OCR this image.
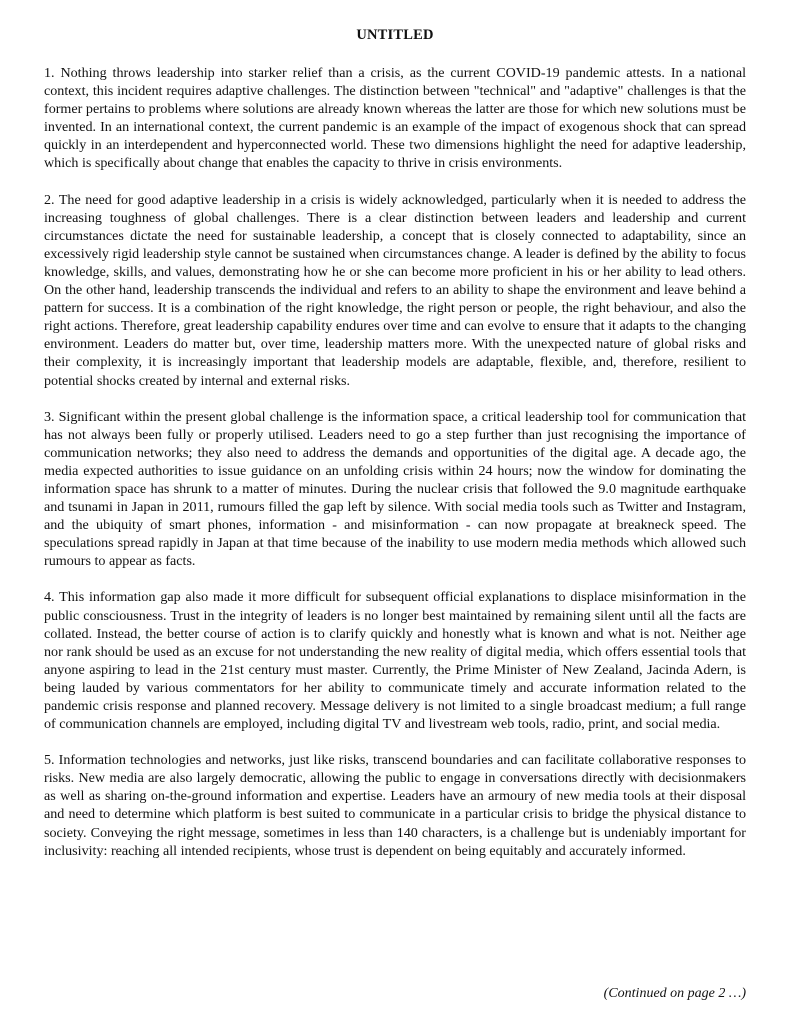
UNTITLED

1. Nothing throws leadership into starker relief than a crisis, as the current COVID-19 pandemic attests. In a national context, this incident requires adaptive challenges. The distinction between "technical" and "adaptive" challenges is that the former pertains to problems where solutions are already known whereas the latter are those for which new solutions must be invented. In an international context, the current pandemic is an example of the impact of exogenous shock that can spread quickly in an interdependent and hyperconnected world. These two dimensions highlight the need for adaptive leadership, which is specifically about change that enables the capacity to thrive in crisis environments.

2. The need for good adaptive leadership in a crisis is widely acknowledged, particularly when it is needed to address the increasing toughness of global challenges. There is a clear distinction between leaders and leadership and current circumstances dictate the need for sustainable leadership, a concept that is closely connected to adaptability, since an excessively rigid leadership style cannot be sustained when circumstances change. A leader is defined by the ability to focus knowledge, skills, and values, demonstrating how he or she can become more proficient in his or her ability to lead others. On the other hand, leadership transcends the individual and refers to an ability to shape the environment and leave behind a pattern for success. It is a combination of the right knowledge, the right person or people, the right behaviour, and also the right actions. Therefore, great leadership capability endures over time and can evolve to ensure that it adapts to the changing environment. Leaders do matter but, over time, leadership matters more. With the unexpected nature of global risks and their complexity, it is increasingly important that leadership models are adaptable, flexible, and, therefore, resilient to potential shocks created by internal and external risks.

3. Significant within the present global challenge is the information space, a critical leadership tool for communication that has not always been fully or properly utilised. Leaders need to go a step further than just recognising the importance of communication networks; they also need to address the demands and opportunities of the digital age. A decade ago, the media expected authorities to issue guidance on an unfolding crisis within 24 hours; now the window for dominating the information space has shrunk to a matter of minutes. During the nuclear crisis that followed the 9.0 magnitude earthquake and tsunami in Japan in 2011, rumours filled the gap left by silence. With social media tools such as Twitter and Instagram, and the ubiquity of smart phones, information - and misinformation - can now propagate at breakneck speed. The speculations spread rapidly in Japan at that time because of the inability to use modern media methods which allowed such rumours to appear as facts.

4. This information gap also made it more difficult for subsequent official explanations to displace misinformation in the public consciousness. Trust in the integrity of leaders is no longer best maintained by remaining silent until all the facts are collated. Instead, the better course of action is to clarify quickly and honestly what is known and what is not. Neither age nor rank should be used as an excuse for not understanding the new reality of digital media, which offers essential tools that anyone aspiring to lead in the 21st century must master. Currently, the Prime Minister of New Zealand, Jacinda Adern, is being lauded by various commentators for her ability to communicate timely and accurate information related to the pandemic crisis response and planned recovery. Message delivery is not limited to a single broadcast medium; a full range of communication channels are employed, including digital TV and livestream web tools, radio, print, and social media.

5. Information technologies and networks, just like risks, transcend boundaries and can facilitate collaborative responses to risks. New media are also largely democratic, allowing the public to engage in conversations directly with decisionmakers as well as sharing on-the-ground information and expertise. Leaders have an armoury of new media tools at their disposal and need to determine which platform is best suited to communicate in a particular crisis to bridge the physical distance to society. Conveying the right message, sometimes in less than 140 characters, is a challenge but is undeniably important for inclusivity: reaching all intended recipients, whose trust is dependent on being equitably and accurately informed.

(Continued on page 2 …)
